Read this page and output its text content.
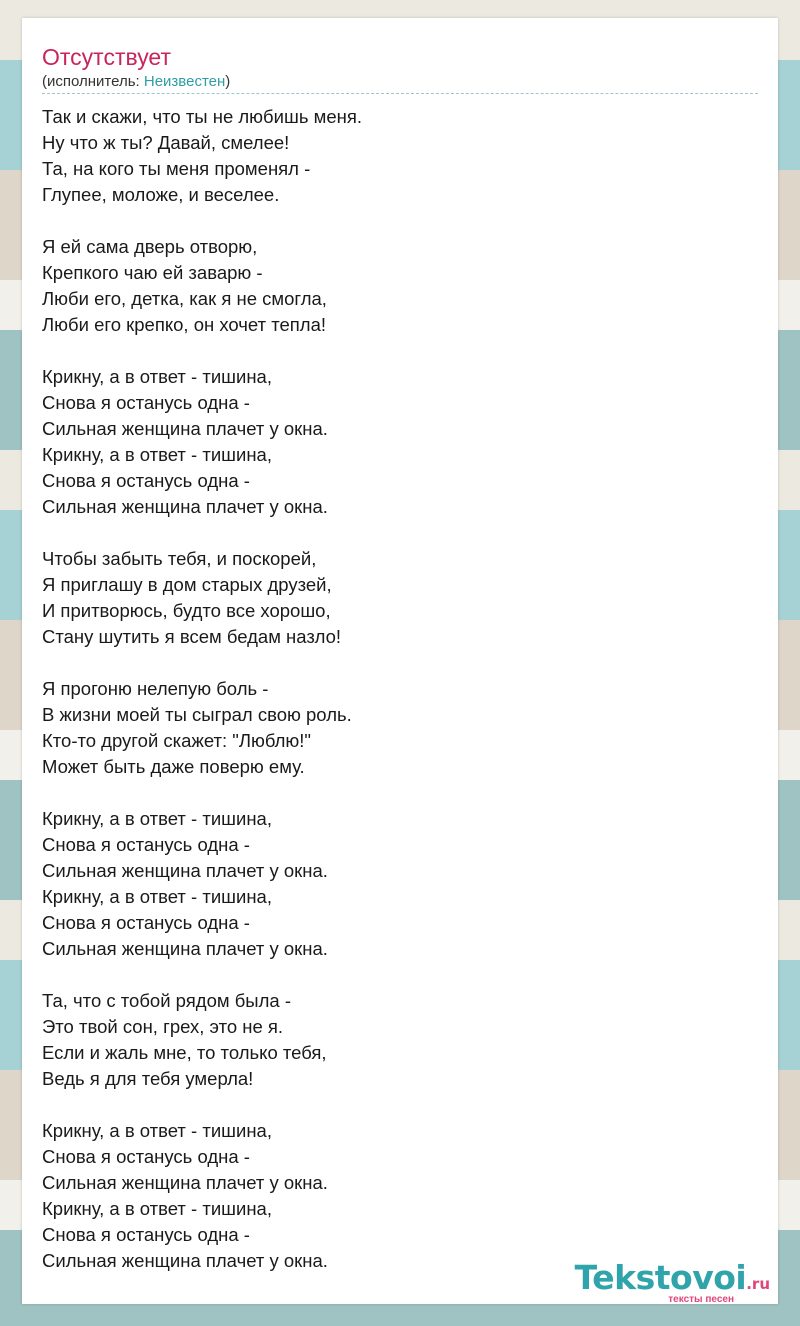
Отсутствует
(исполнитель: Неизвестен)
Так и скажи, что ты не любишь меня.
Ну что ж ты? Давай, смелее!
Та, на кого ты меня променял -
Глупее, моложе, и веселее.
Я ей сама дверь отворю,
Крепкого чаю ей заварю -
Люби его, детка, как я не смогла,
Люби его крепко, он хочет тепла!
Крикну, а в ответ - тишина,
Снова я останусь одна -
Сильная женщина плачет у окна.
Крикну, а в ответ - тишина,
Снова я останусь одна -
Сильная женщина плачет у окна.
Чтобы забыть тебя, и поскорей,
Я приглашу в дом старых друзей,
И притворюсь, будто все хорошо,
Стану шутить я всем бедам назло!
Я прогоню нелепую боль -
В жизни моей ты сыграл свою роль.
Кто-то другой скажет: "Люблю!"
Может быть даже поверю ему.
Крикну, а в ответ - тишина,
Снова я останусь одна -
Сильная женщина плачет у окна.
Крикну, а в ответ - тишина,
Снова я останусь одна -
Сильная женщина плачет у окна.
Та, что с тобой рядом была -
Это твой сон, грех, это не я.
Если и жаль мне, то только тебя,
Ведь я для тебя умерла!
Крикну, а в ответ - тишина,
Снова я останусь одна -
Сильная женщина плачет у окна.
Крикну, а в ответ - тишина,
Снова я останусь одна -
Сильная женщина плачет у окна.	Tekstovoi.ru
тексты песен
